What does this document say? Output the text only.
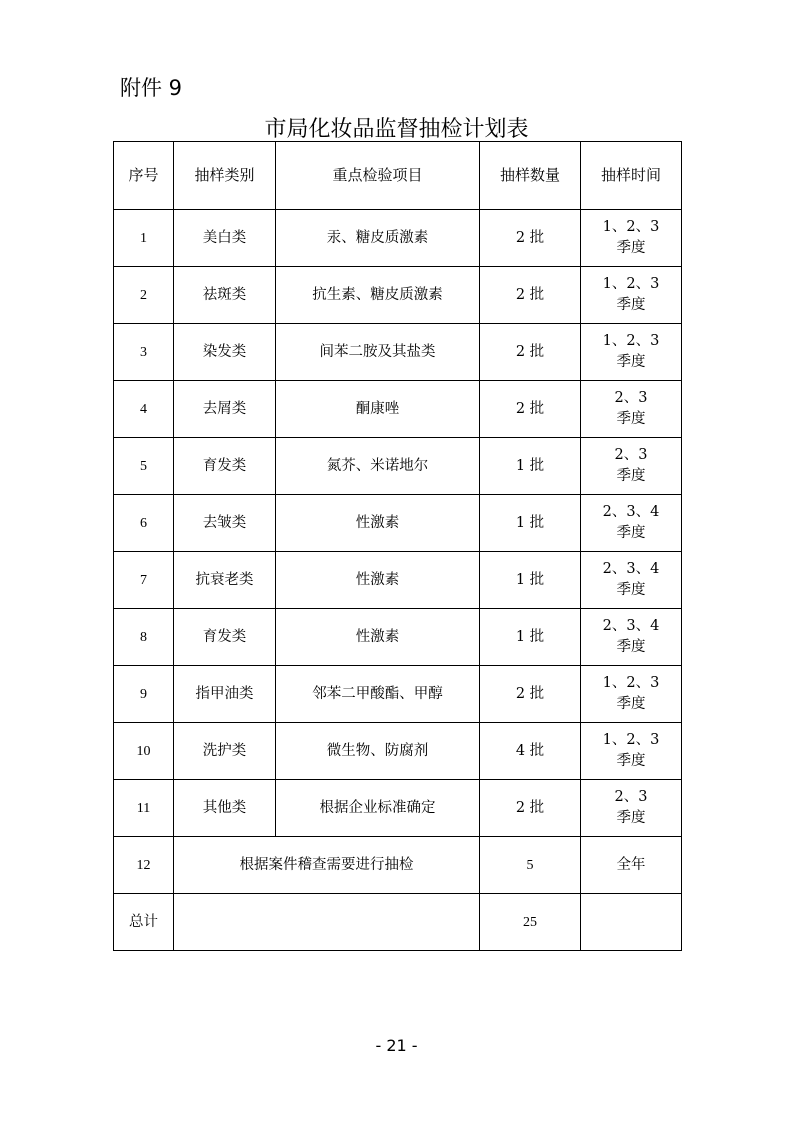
附件 9
市局化妆品监督抽检计划表
序号	抽样类别	重点检验项目	抽样数量	抽样时间
1	美白类	汞、糖皮质激素	2 批	1、2、3
季度

2	祛斑类	抗生素、糖皮质激素	2 批	1、2、3
季度

3	染发类	间苯二胺及其盐类	2 批	1、2、3
季度

4	去屑类	酮康唑	2 批	2、3
季度

5	育发类	氮芥、米诺地尔	1 批	2、3
季度

6	去皱类	性激素	1 批	2、3、4
季度

7	抗衰老类	性激素	1 批	2、3、4
季度

8	育发类	性激素	1 批	2、3、4
季度

9	指甲油类	邻苯二甲酸酯、甲醇	2 批	1、2、3
季度

10	洗护类	微生物、防腐剂	4 批	1、2、3
季度

11	其他类	根据企业标准确定	2 批	2、3
季度

12	根据案件稽查需要进行抽检		5	全年
总计			25	
- 21 -
